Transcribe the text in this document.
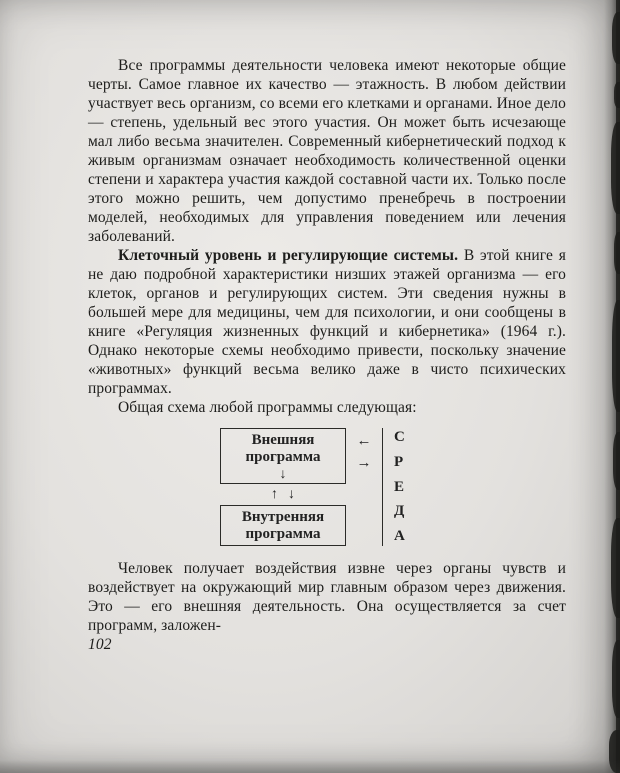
Все программы деятельности человека имеют некоторые общие черты. Самое главное их качество — этажность. В любом действии участвует весь организм, со всеми его клетками и органами. Иное дело — степень, удельный вес этого участия. Он может быть исчезающе мал либо весьма значителен. Современный кибернетический подход к живым организмам означает необходимость количественной оценки степени и характера участия каждой составной части их. Только после этого можно решить, чем допустимо пренебречь в построении моделей, необходимых для управления поведением или лечения заболеваний.

Клеточный уровень и регулирующие системы. В этой книге я не даю подробной характеристики низших этажей организма — его клеток, органов и регулирующих систем. Эти сведения нужны в большей мере для медицины, чем для психологии, и они сообщены в книге «Регуляция жизненных функций и кибернетика» (1964 г.). Однако некоторые схемы необходимо привести, поскольку значение «животных» функций весьма велико даже в чисто психических программах.

Общая схема любой программы следующая:

Внешняя
программа
↓
↑ ↓
Внутренняя
программа
←
→
С
Р
Е
Д
А

Человек получает воздействия извне через органы чувств и воздействует на окружающий мир главным образом через движения. Это — его внешняя деятельность. Она осуществляется за счет программ, заложен-

102
